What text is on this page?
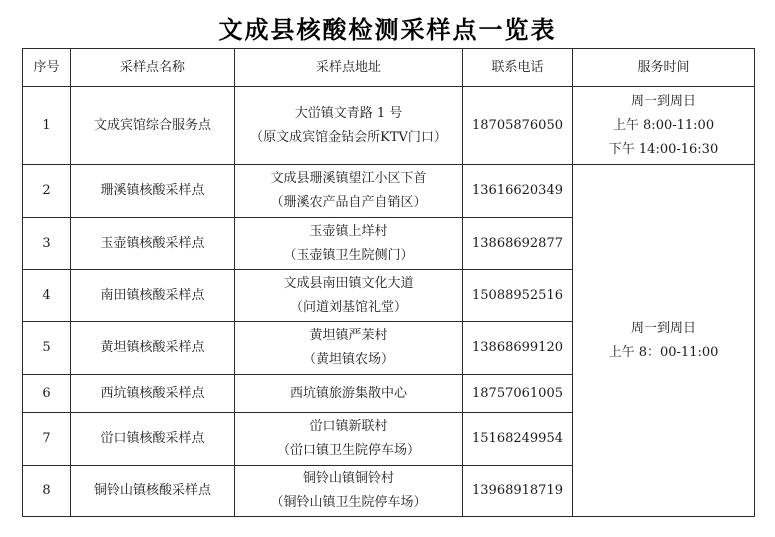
文成县核酸检测采样点一览表
序号	采样点名称	采样点地址	联系电话	服务时间
1	文成宾馆综合服务点	大峃镇文青路 1 号
（原文成宾馆金钻会所KTV门口）	18705876050	周一到周日
上午 8:00-11:00
下午 14:00-16:30

2	珊溪镇核酸采样点	文成县珊溪镇望江小区下首
（珊溪农产品自产自销区）	13616620349	周一到周日
上午 8：00-11:00

3	玉壶镇核酸采样点	玉壶镇上垟村
（玉壶镇卫生院侧门）	13868692877	
4	南田镇核酸采样点	文成县南田镇文化大道
（问道刘基馆礼堂）	15088952516	
5	黄坦镇核酸采样点	黄坦镇严苿村
（黄坦镇农场）	13868699120	
6	西坑镇核酸采样点	西坑镇旅游集散中心	18757061005	
7	峃口镇核酸采样点	峃口镇新联村
（峃口镇卫生院停车场）	15168249954	
8	铜铃山镇核酸采样点	铜铃山镇铜铃村
（铜铃山镇卫生院停车场）	13968918719	
